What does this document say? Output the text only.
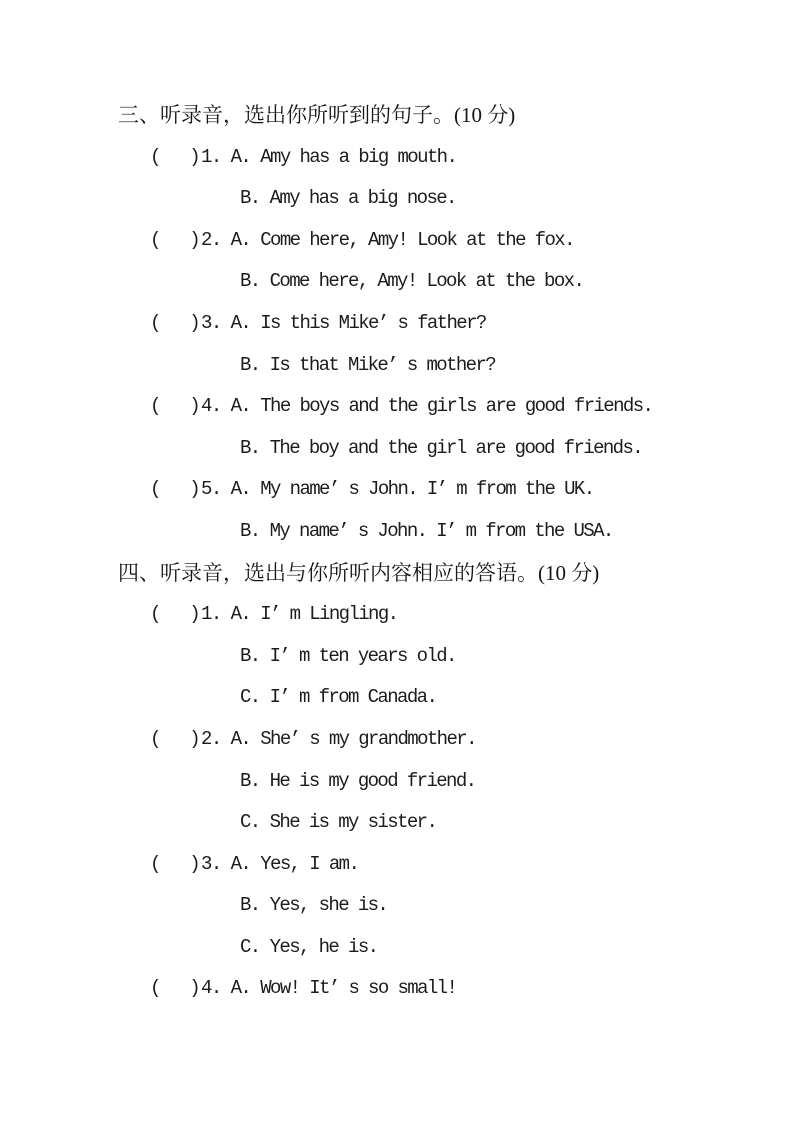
三、听录音，选出你所听到的句子。(10 分)
(   ) 1. A. Amy has a big mouth.
B. Amy has a big nose.
(   ) 2. A. Come here, Amy! Look at the fox.
B. Come here, Amy! Look at the box.
(   ) 3. A. Is this Mike’ s father?
B. Is that Mike’ s mother?
(   ) 4. A. The boys and the girls are good friends.
B. The boy and the girl are good friends.
(   ) 5. A. My name’ s John. I’ m from the UK.
B. My name’ s John. I’ m from the USA.
四、听录音，选出与你所听内容相应的答语。(10 分)
(   ) 1. A. I’ m Lingling.
B. I’ m ten years old.
C. I’ m from Canada.
(   ) 2. A. She’ s my grandmother.
B. He is my good friend.
C. She is my sister.
(   ) 3. A. Yes, I am.
B. Yes, she is.
C. Yes, he is.
(   ) 4. A. Wow! It’ s so small!
